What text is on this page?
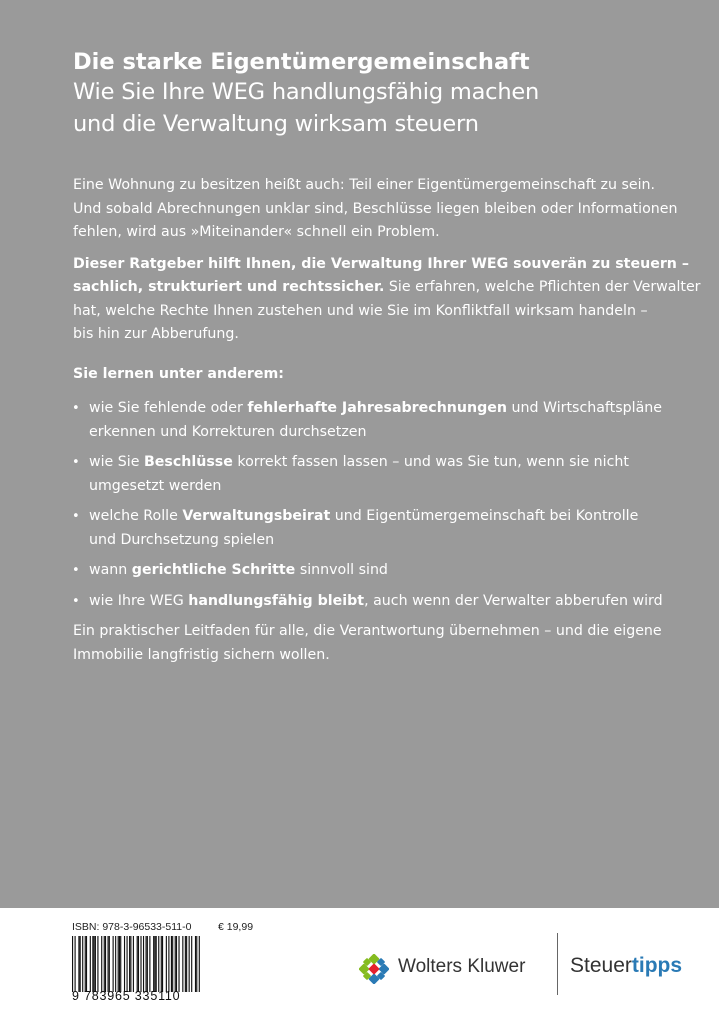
Die starke Eigentümergemeinschaft
Wie Sie Ihre WEG handlungsfähig machen
und die Verwaltung wirksam steuern

Eine Wohnung zu besitzen heißt auch: Teil einer Eigentümergemeinschaft zu sein.
Und sobald Abrechnungen unklar sind, Beschlüsse liegen bleiben oder Informationen
fehlen, wird aus »Miteinander« schnell ein Problem.

Dieser Ratgeber hilft Ihnen, die Verwaltung Ihrer WEG souverän zu steuern –
sachlich, strukturiert und rechtssicher. Sie erfahren, welche Pflichten der Verwalter
hat, welche Rechte Ihnen zustehen und wie Sie im Konfliktfall wirksam handeln –
bis hin zur Abberufung.

Sie lernen unter anderem:

• wie Sie fehlende oder fehlerhafte Jahresabrechnungen und Wirtschaftspläne
erkennen und Korrekturen durchsetzen
• wie Sie Beschlüsse korrekt fassen lassen – und was Sie tun, wenn sie nicht
umgesetzt werden
• welche Rolle Verwaltungsbeirat und Eigentümergemeinschaft bei Kontrolle
und Durchsetzung spielen
• wann gerichtliche Schritte sinnvoll sind
• wie Ihre WEG handlungsfähig bleibt, auch wenn der Verwalter abberufen wird

Ein praktischer Leitfaden für alle, die Verantwortung übernehmen – und die eigene
Immobilie langfristig sichern wollen.

ISBN: 978-3-96533-511-0	€ 19,99
9 783965 335110
Wolters Kluwer Steuertipps
